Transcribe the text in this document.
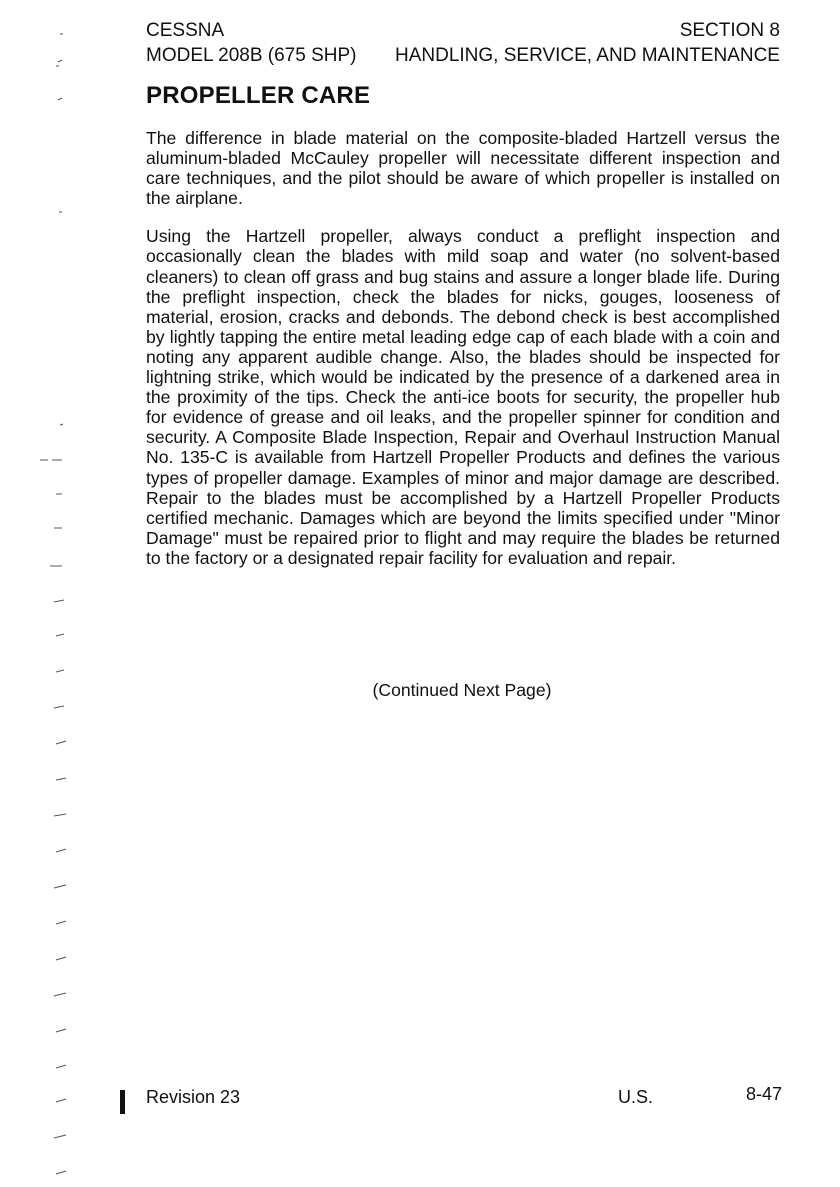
CESSNA	SECTION 8
MODEL 208B (675 SHP) HANDLING, SERVICE, AND MAINTENANCE
PROPELLER CARE

The difference in blade material on the composite-bladed Hartzell versus the aluminum-bladed McCauley propeller will necessitate different inspection and care techniques, and the pilot should be aware of which propeller is installed on the airplane.

Using the Hartzell propeller, always conduct a preflight inspection and occasionally clean the blades with mild soap and water (no solvent-based cleaners) to clean off grass and bug stains and assure a longer blade life. During the preflight inspection, check the blades for nicks, gouges, looseness of material, erosion, cracks and debonds. The debond check is best accomplished by lightly tapping the entire metal leading edge cap of each blade with a coin and noting any apparent audible change. Also, the blades should be inspected for lightning strike, which would be indicated by the presence of a darkened area in the proximity of the tips. Check the anti-ice boots for security, the propeller hub for evidence of grease and oil leaks, and the propeller spinner for condition and security. A Composite Blade Inspection, Repair and Overhaul Instruction Manual No. 135-C is available from Hartzell Propeller Products and defines the various types of propeller damage. Examples of minor and major damage are described. Repair to the blades must be accomplished by a Hartzell Propeller Products certified mechanic. Damages which are beyond the limits specified under "Minor Damage" must be repaired prior to flight and may require the blades be returned to the factory or a designated repair facility for evaluation and repair.

(Continued Next Page)
Revision 23	U.S.	8-47
